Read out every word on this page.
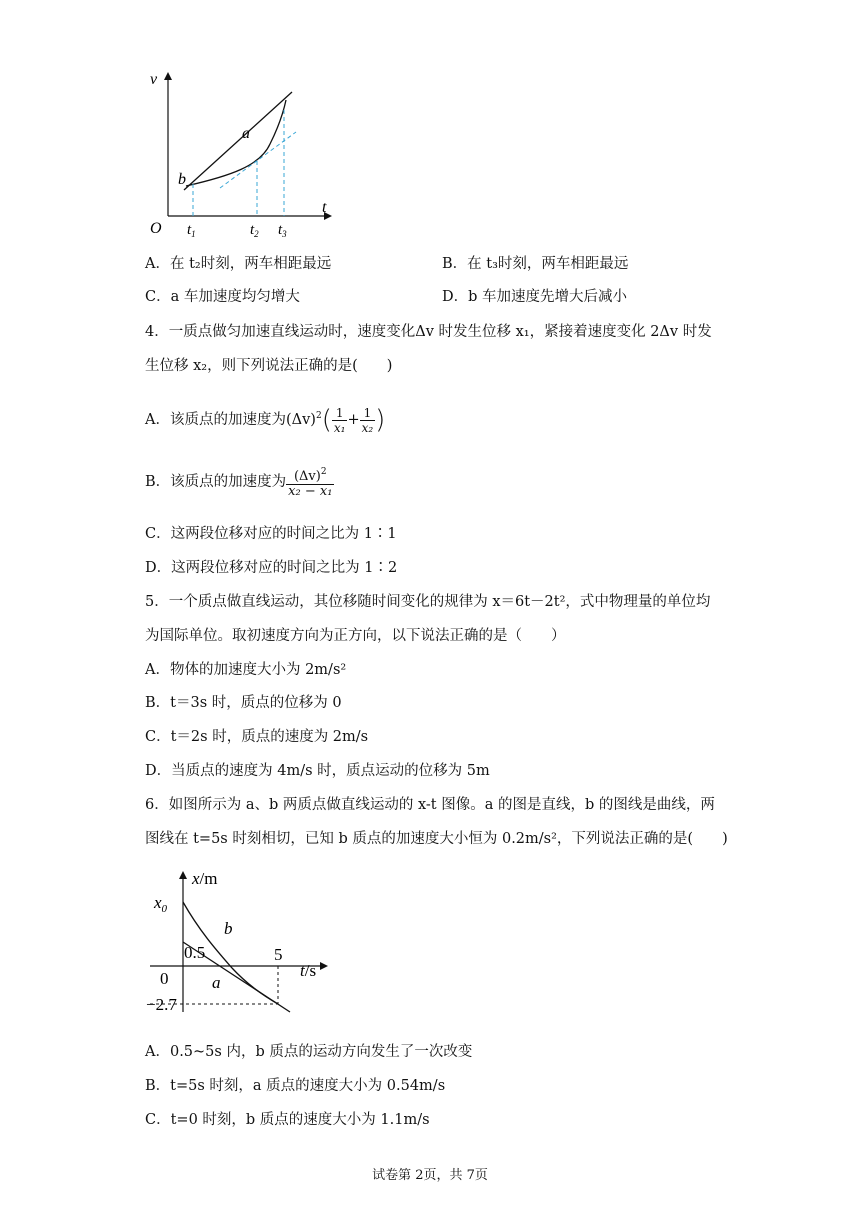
v
t
O
a
b
$t_1$	$t_2$ $t_3$
A．在 t₂时刻，两车相距最远	B．在 t₃时刻，两车相距最远
C．a 车加速度均匀增大	D．b 车加速度先增大后减小
4．一质点做匀加速直线运动时，速度变化Δv 时发生位移 x₁，紧接着速度变化 2Δv 时发
生位移 x₂，则下列说法正确的是(　　)
A．该质点的加速度为$(\Delta v)^2( \frac{1}{\text{x₁}} + \frac{1}{\text{x₂}}$ )
B．该质点的加速度为 $\frac{(\Delta v)^2}{\text{x₂ − x₁}}$
C．这两段位移对应的时间之比为 1∶1
D．这两段位移对应的时间之比为 1∶2
5．一个质点做直线运动，其位移随时间变化的规律为 x＝6t－2t²，式中物理量的单位均
为国际单位。取初速度方向为正方向，以下说法正确的是（　　）
A．物体的加速度大小为 2m/s²
B．t＝3s 时，质点的位移为 0
C．t＝2s 时，质点的速度为 2m/s
D．当质点的速度为 4m/s 时，质点运动的位移为 5m
6．如图所示为 a、b 两质点做直线运动的 x-t 图像。a 的图是直线，b 的图线是曲线，两
图线在 t=5s 时刻相切，已知 b 质点的加速度大小恒为 0.2m/s²，下列说法正确的是(　　)
x/m
t/s
$x_0$
0
0.5	5
−2.7
b
a
A．0.5~5s 内，b 质点的运动方向发生了一次改变
B．t=5s 时刻，a 质点的速度大小为 0.54m/s
C．t=0 时刻，b 质点的速度大小为 1.1m/s
试卷第 2页，共 7页
